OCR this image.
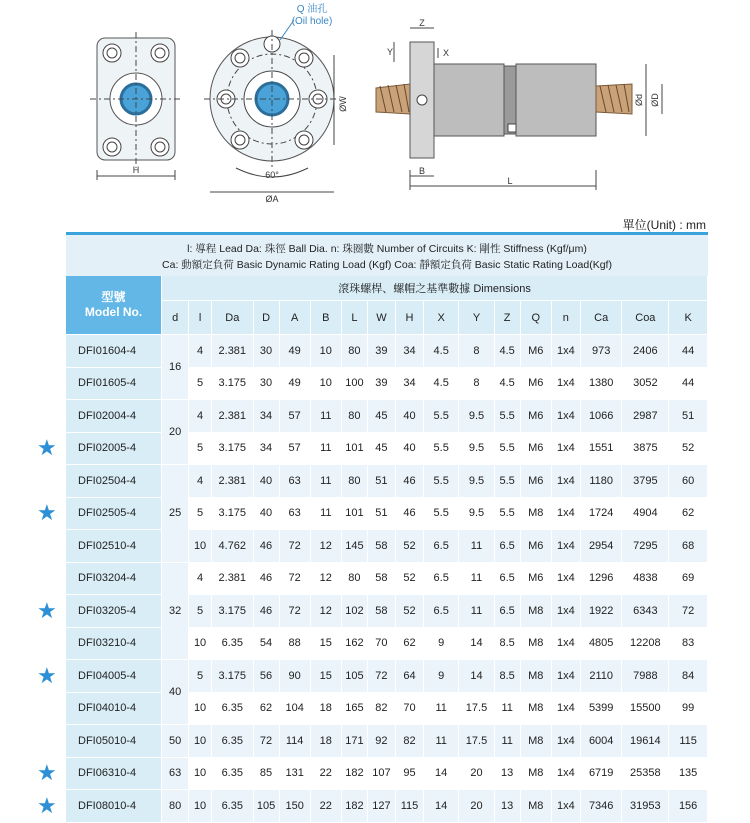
Q 油孔
(Oil hole)
H
ØW
60°
ØA
Z
Y	X
B
L
Ød ØD
單位(Unit) : mm
l: 導程 Lead Da: 珠徑 Ball Dia. n: 珠圈數 Number of Circuits K: 剛性 Stiffness (Kgf/μm)
Ca: 動額定負荷 Basic Dynamic Rating Load (Kgf) Coa: 靜額定負荷 Basic Static Rating Load(Kgf)
型號
Model No.	滾珠螺桿、螺帽之基準數據 Dimensions																
	d	l	Da	D	A	B	L	W	H	X	Y	Z	Q	n	Ca	Coa	K
DFI01604-4	16	4	2.381	30	49	10	80	39	34	4.5	8	4.5	M6	1x4	973	2406	44
DFI01605-4		5	3.175	30	49	10	100	39	34	4.5	8	4.5	M6	1x4	1380	3052	44
DFI02004-4	20	4	2.381	34	57	11	80	45	40	5.5	9.5	5.5	M6	1x4	1066	2987	51
DFI02005-4		5	3.175	34	57	11	101	45	40	5.5	9.5	5.5	M6	1x4	1551	3875	52
DFI02504-4	25	4	2.381	40	63	11	80	51	46	5.5	9.5	5.5	M6	1x4	1180	3795	60
DFI02505-4		5	3.175	40	63	11	101	51	46	5.5	9.5	5.5	M8	1x4	1724	4904	62
DFI02510-4		10	4.762	46	72	12	145	58	52	6.5	11	6.5	M6	1x4	2954	7295	68
DFI03204-4	32	4	2.381	46	72	12	80	58	52	6.5	11	6.5	M6	1x4	1296	4838	69
DFI03205-4		5	3.175	46	72	12	102	58	52	6.5	11	6.5	M8	1x4	1922	6343	72
DFI03210-4		10	6.35	54	88	15	162	70	62	9	14	8.5	M8	1x4	4805	12208	83
DFI04005-4	40	5	3.175	56	90	15	105	72	64	9	14	8.5	M8	1x4	2110	7988	84
DFI04010-4		10	6.35	62	104	18	165	82	70	11	17.5	11	M8	1x4	5399	15500	99
DFI05010-4	50	10	6.35	72	114	18	171	92	82	11	17.5	11	M8	1x4	6004	19614	115
DFI06310-4	63	10	6.35	85	131	22	182	107	95	14	20	13	M8	1x4	6719	25358	135
DFI08010-4	80	10	6.35	105	150	22	182	127	115	14	20	13	M8	1x4	7346	31953	156
★
★
★
★
★
★
